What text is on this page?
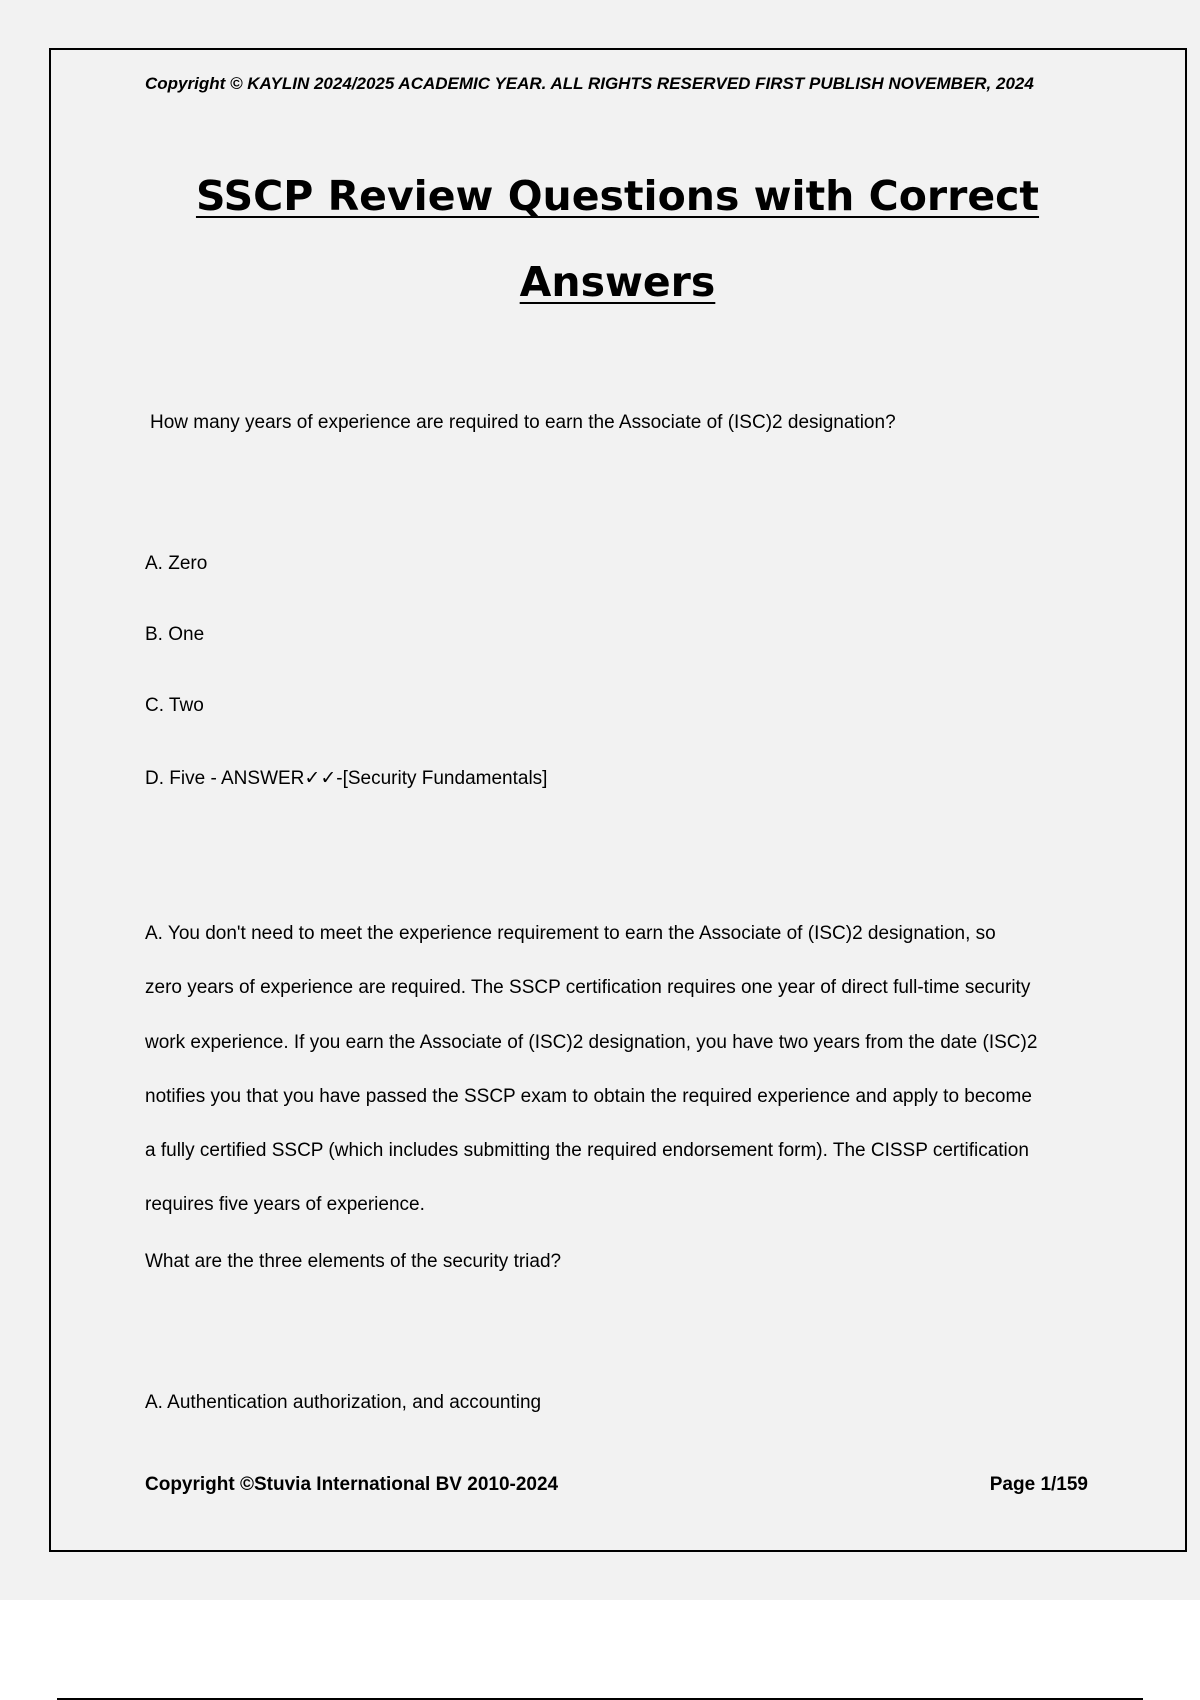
Copyright © KAYLIN 2024/2025 ACADEMIC YEAR. ALL RIGHTS RESERVED FIRST PUBLISH NOVEMBER, 2024
SSCP Review Questions with Correct
Answers
How many years of experience are required to earn the Associate of (ISC)2 designation?
A. Zero
B. One
C. Two
D. Five - ANSWER✓✓-[Security Fundamentals]
A. You don't need to meet the experience requirement to earn the Associate of (ISC)2 designation, so
zero years of experience are required. The SSCP certification requires one year of direct full-time security
work experience. If you earn the Associate of (ISC)2 designation, you have two years from the date (ISC)2
notifies you that you have passed the SSCP exam to obtain the required experience and apply to become
a fully certified SSCP (which includes submitting the required endorsement form). The CISSP certification
requires five years of experience.
What are the three elements of the security triad?
A. Authentication authorization, and accounting
Copyright ©Stuvia International BV 2010-2024	Page 1/159
